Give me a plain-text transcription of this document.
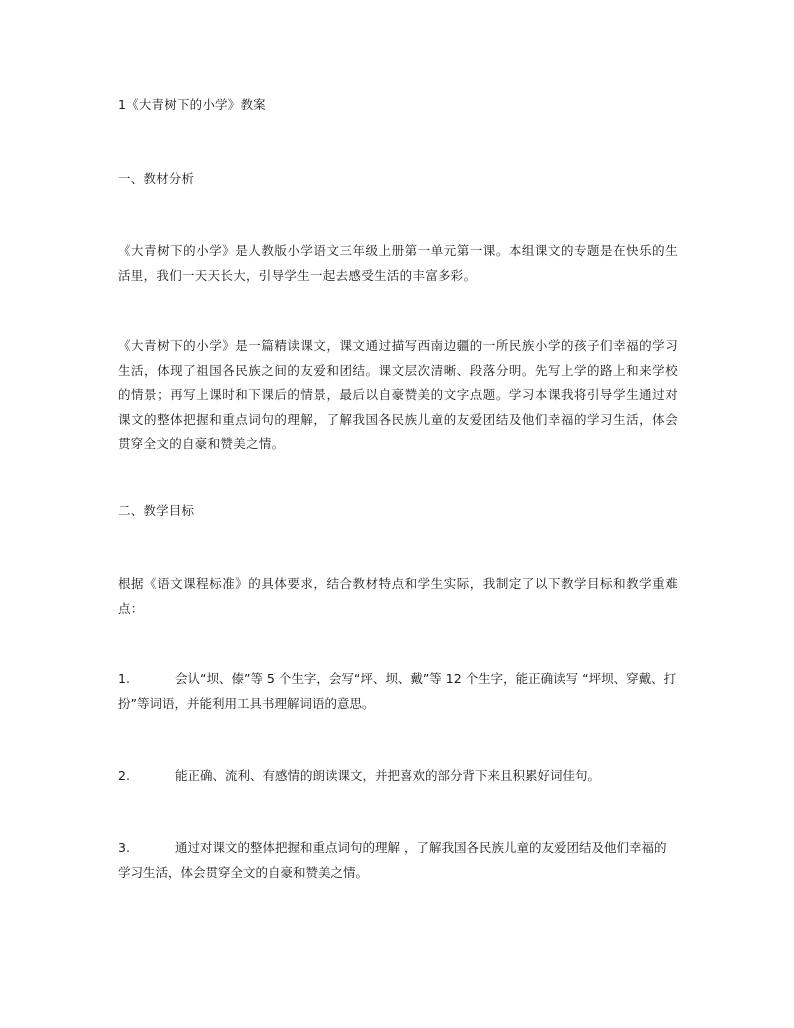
1《大青树下的小学》教案
一、教材分析
《大青树下的小学》是人教版小学语文三年级上册第一单元第一课。本组课文的专题是在快乐的生活里，我们一天天长大，引导学生一起去感受生活的丰富多彩。
《大青树下的小学》是一篇精读课文，课文通过描写西南边疆的一所民族小学的孩子们幸福的学习生活，体现了祖国各民族之间的友爱和团结。课文层次清晰、段落分明。先写上学的路上和来学校的情景；再写上课时和下课后的情景，最后以自豪赞美的文字点题。学习本课我将引导学生通过对课文的整体把握和重点词句的理解，了解我国各民族儿童的友爱团结及他们幸福的学习生活，体会贯穿全文的自豪和赞美之情。
二、教学目标
根据《语文课程标准》的具体要求，结合教材特点和学生实际，我制定了以下教学目标和教学重难点：
1.	会认“坝、傣”等 5 个生字，会写“坪、坝、戴”等 12 个生字，能正确读写 “坪坝、穿戴、打扮”等词语，并能利用工具书理解词语的意思。
2.	能正确、流利、有感情的朗读课文，并把喜欢的部分背下来且积累好词佳句。
3.	通过对课文的整体把握和重点词句的理解 ，了解我国各民族儿童的友爱团结及他们幸福的学习生活，体会贯穿全文的自豪和赞美之情。
